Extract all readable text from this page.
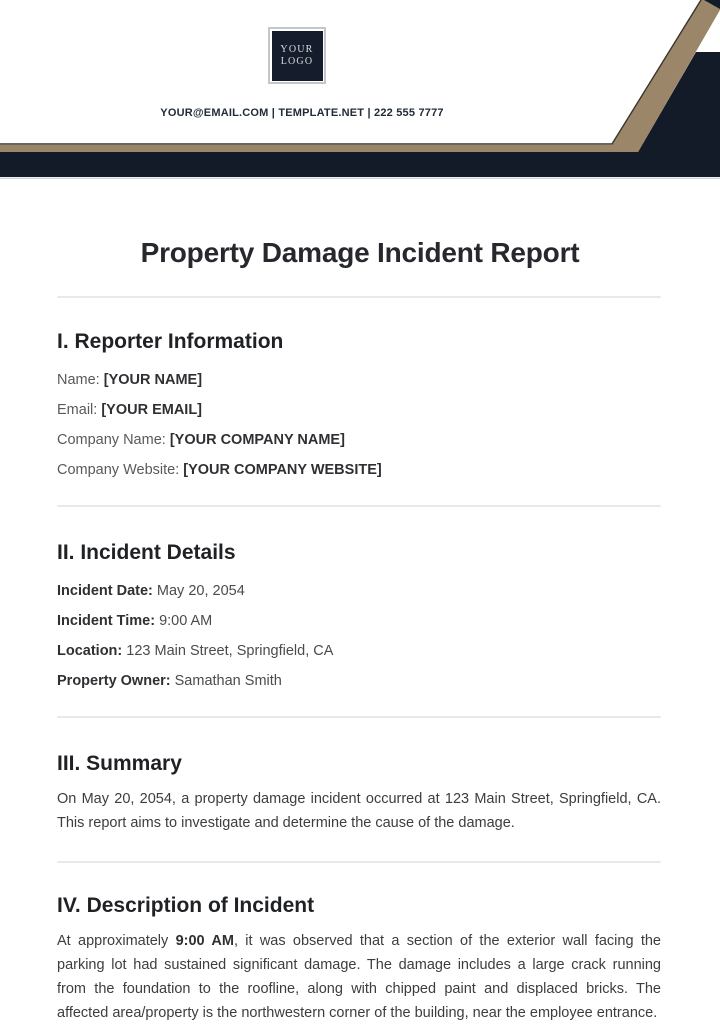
YOUR
LOGO
YOUR@EMAIL.COM | TEMPLATE.NET | 222 555 7777
Property Damage Incident Report
I. Reporter Information
Name: [YOUR NAME]
Email: [YOUR EMAIL]
Company Name: [YOUR COMPANY NAME]
Company Website: [YOUR COMPANY WEBSITE]
II. Incident Details
Incident Date: May 20, 2054
Incident Time: 9:00 AM
Location: 123 Main Street, Springfield, CA
Property Owner: Samathan Smith
III. Summary
On May 20, 2054, a property damage incident occurred at 123 Main Street, Springfield, CA. This report aims to investigate and determine the cause of the damage.
IV. Description of Incident
At approximately 9:00 AM, it was observed that a section of the exterior wall facing the parking lot had sustained significant damage. The damage includes a large crack running from the foundation to the roofline, along with chipped paint and displaced bricks. The affected area/property is the northwestern corner of the building, near the employee entrance.
